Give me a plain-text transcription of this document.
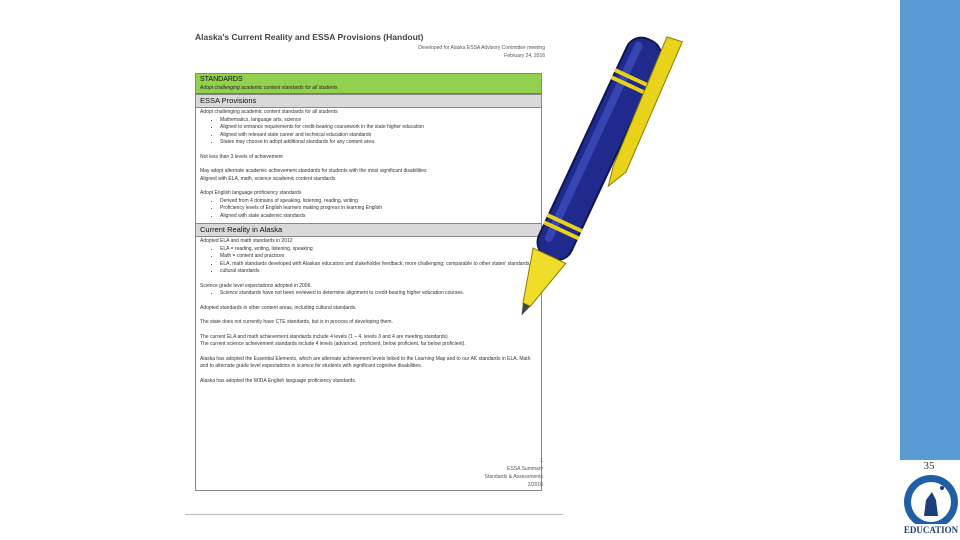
Alaska's Current Reality and ESSA Provisions (Handout)
Developed for Alaska ESSA Advisory Committee meeting
February 24, 2016
STANDARDS
Adopt challenging academic content standards for all students
ESSA Provisions

Adopt challenging academic content standards for all students

• Mathematics, language arts, science
• Aligned to entrance requirements for credit-bearing coursework in the state higher education
• Aligned with relevant state career and technical education standards
• States may choose to adopt additional standards for any content area

Not less than 3 levels of achievement

May adopt alternate academic achievement standards for students with the most significant disabilities

Aligned with ELA, math, science academic content standards

Adopt English language proficiency standards

• Derived from 4 domains of speaking, listening, reading, writing
• Proficiency levels of English learners making progress in learning English
• Aligned with state academic standards
Current Reality in Alaska

Adopted ELA and math standards in 2012

• ELA = reading, writing, listening, speaking
• Math = content and practices
• ELA, math standards developed with Alaskan educators and stakeholder feedback; more challenging; comparable to other states' standards
• cultural standards

Science grade level expectations adopted in 2006.

• Science standards have not been reviewed to determine alignment to credit-bearing higher education courses.

Adopted standards in other content areas, including cultural standards.

The state does not currently have CTE standards, but is in process of developing them.

The current ELA and math achievement standards include 4 levels (1 – 4, levels 3 and 4 are meeting standards)

The current science achievement standards include 4 levels (advanced, proficient, below proficient, far below proficient).

Alaska has adopted the Essential Elements, which are alternate achievement levels linked to the Learning Map and to our AK standards in ELA. Math and to alternate grade level expectations in science for students with significant cognitive disabilities.

Alaska has adopted the WIDA English language proficiency standards.

1
ESSA Summary
Standards & Assessments
2/2016
35
EDUCATION
